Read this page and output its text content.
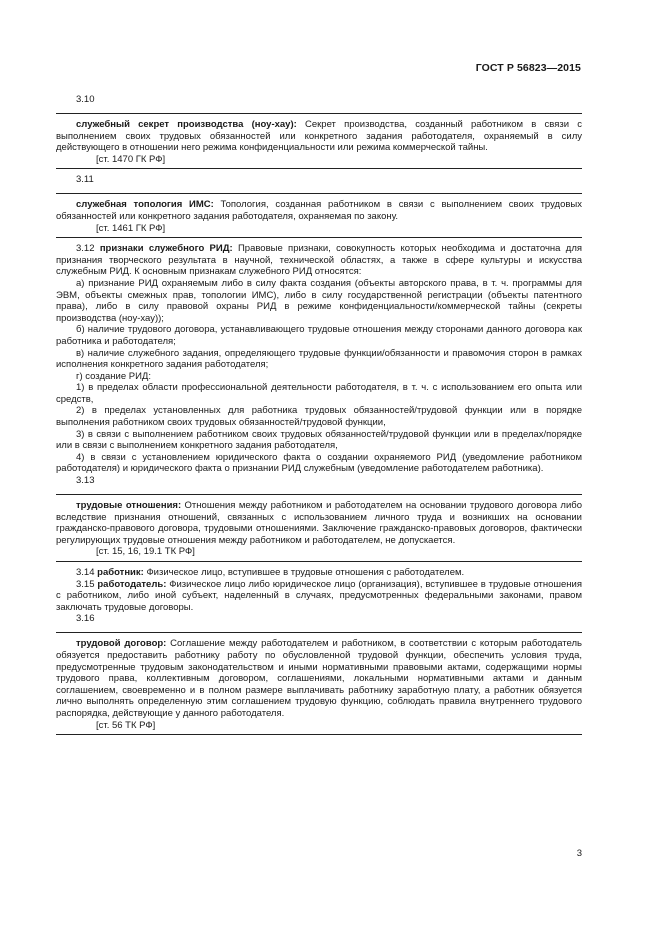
ГОСТ Р 56823—2015
3.10

служебный секрет производства (ноу-хау): Секрет производства, созданный работником в связи с выполнением своих трудовых обязанностей или конкретного задания работодателя, охраняемый в силу действующего в отношении него режима конфиденциальности или режима коммерческой тайны.

[ст. 1470 ГК РФ]

3.11

служебная топология ИМС: Топология, созданная работником в связи с выполнением своих трудовых обязанностей или конкретного задания работодателя, охраняемая по закону.

[ст. 1461 ГК РФ]

3.12 признаки служебного РИД: Правовые признаки, совокупность которых необходима и достаточна для признания творческого результата в научной, технической областях, а также в сфере культуры и искусства служебным РИД. К основным признакам служебного РИД относятся:

а) признание РИД охраняемым либо в силу факта создания (объекты авторского права, в т. ч. программы для ЭВМ, объекты смежных прав, топологии ИМС), либо в силу государственной регистрации (объекты патентного права), либо в силу правовой охраны РИД в режиме конфиденциальности/коммерческой тайны (секреты производства (ноу-хау));

б) наличие трудового договора, устанавливающего трудовые отношения между сторонами данного договора как работника и работодателя;

в) наличие служебного задания, определяющего трудовые функции/обязанности и правомочия сторон в рамках исполнения конкретного задания работодателя;

г) создание РИД:

1) в пределах области профессиональной деятельности работодателя, в т. ч. с использованием его опыта или средств,

2) в пределах установленных для работника трудовых обязанностей/трудовой функции или в порядке выполнения работником своих трудовых обязанностей/трудовой функции,

3) в связи с выполнением работником своих трудовых обязанностей/трудовой функции или в пределах/порядке или в связи с выполнением конкретного задания работодателя,

4) в связи с установлением юридического факта о создании охраняемого РИД (уведомление работником работодателя) и юридического факта о признании РИД служебным (уведомление работодателем работника).

3.13

трудовые отношения: Отношения между работником и работодателем на основании трудового договора либо вследствие признания отношений, связанных с использованием личного труда и возникших на основании гражданско-правового договора, трудовыми отношениями. Заключение гражданско-правовых договоров, фактически регулирующих трудовые отношения между работником и работодателем, не допускается.

[ст. 15, 16, 19.1 ТК РФ]

3.14 работник: Физическое лицо, вступившее в трудовые отношения с работодателем.

3.15 работодатель: Физическое лицо либо юридическое лицо (организация), вступившее в трудовые отношения с работником, либо иной субъект, наделенный в случаях, предусмотренных федеральными законами, правом заключать трудовые договоры.

3.16

трудовой договор: Соглашение между работодателем и работником, в соответствии с которым работодатель обязуется предоставить работнику работу по обусловленной трудовой функции, обеспечить условия труда, предусмотренные трудовым законодательством и иными нормативными правовыми актами, содержащими нормы трудового права, коллективным договором, соглашениями, локальными нормативными актами и данным соглашением, своевременно и в полном размере выплачивать работнику заработную плату, а работник обязуется лично выполнять определенную этим соглашением трудовую функцию, соблюдать правила внутреннего трудового распорядка, действующие у данного работодателя.

[ст. 56 ТК РФ]

3
